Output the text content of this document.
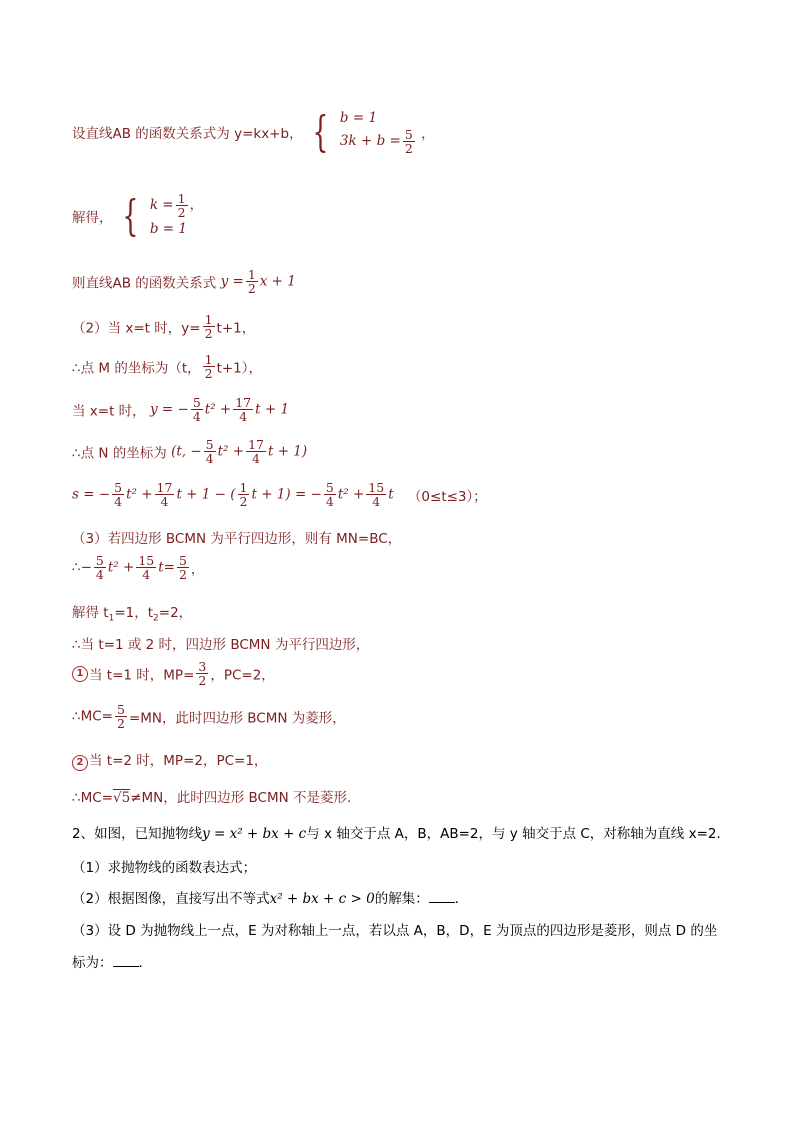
设直线AB 的函数关系式为 y=kx+b， { b = 1
$3k + b = \frac{5}{2}$ ，
解得， { $k = \frac{1}{2}$ ，
b = 1
则直线AB 的函数关系式 $y = \frac{1}{2}$ x + 1
（2）当 x=t 时，$y= \frac{1}{2} t+1$，
∴点 M 的坐标为（t， $\frac{1}{2} t+1$），
当 x=t 时， y = − $\frac{5}{4} t^2 + \frac{17}{4}$ t + 1
∴点 N 的坐标为 (t, − $\frac{5}{4} t^2 + \frac{17}{4}$ t + 1)
s = − $\frac{5}{4} t^2 + \frac{17}{4}$ t + 1 − ( $\frac{1}{2}$ t + 1) = − $\frac{5}{4} t^2 + \frac{15}{4}$ t （0≤t≤3）；
（3）若四边形 BCMN 为平行四边形，则有 MN=BC，
∴− $\frac{5}{4} t^2 + \frac{15}{4} t= \frac{5}{2}$ ，
解得 $t_1=1$，$t_2=2$，
∴当 t=1 或 2 时，四边形 BCMN 为平行四边形，
1 当 t=1 时，$MP= \frac{3}{2}$ ，PC=2，
∴MC= $\frac{5}{2} =MN$，此时四边形 BCMN 为菱形，
2 当 t=2 时，MP=2，PC=1，
∴MC=√5≠MN，此时四边形 BCMN 不是菱形.
2、如图，已知抛物线y = x² + bx + c与 x 轴交于点 A，B，AB=2，与 y 轴交于点 C，对称轴为直线 x=2．
（1）求抛物线的函数表达式；
（2）根据图像，直接写出不等式x² + bx + c > 0的解集： ．
（3）设 D 为抛物线上一点，E 为对称轴上一点，若以点 A，B，D，E 为顶点的四边形是菱形，则点 D 的坐
标为： ．
